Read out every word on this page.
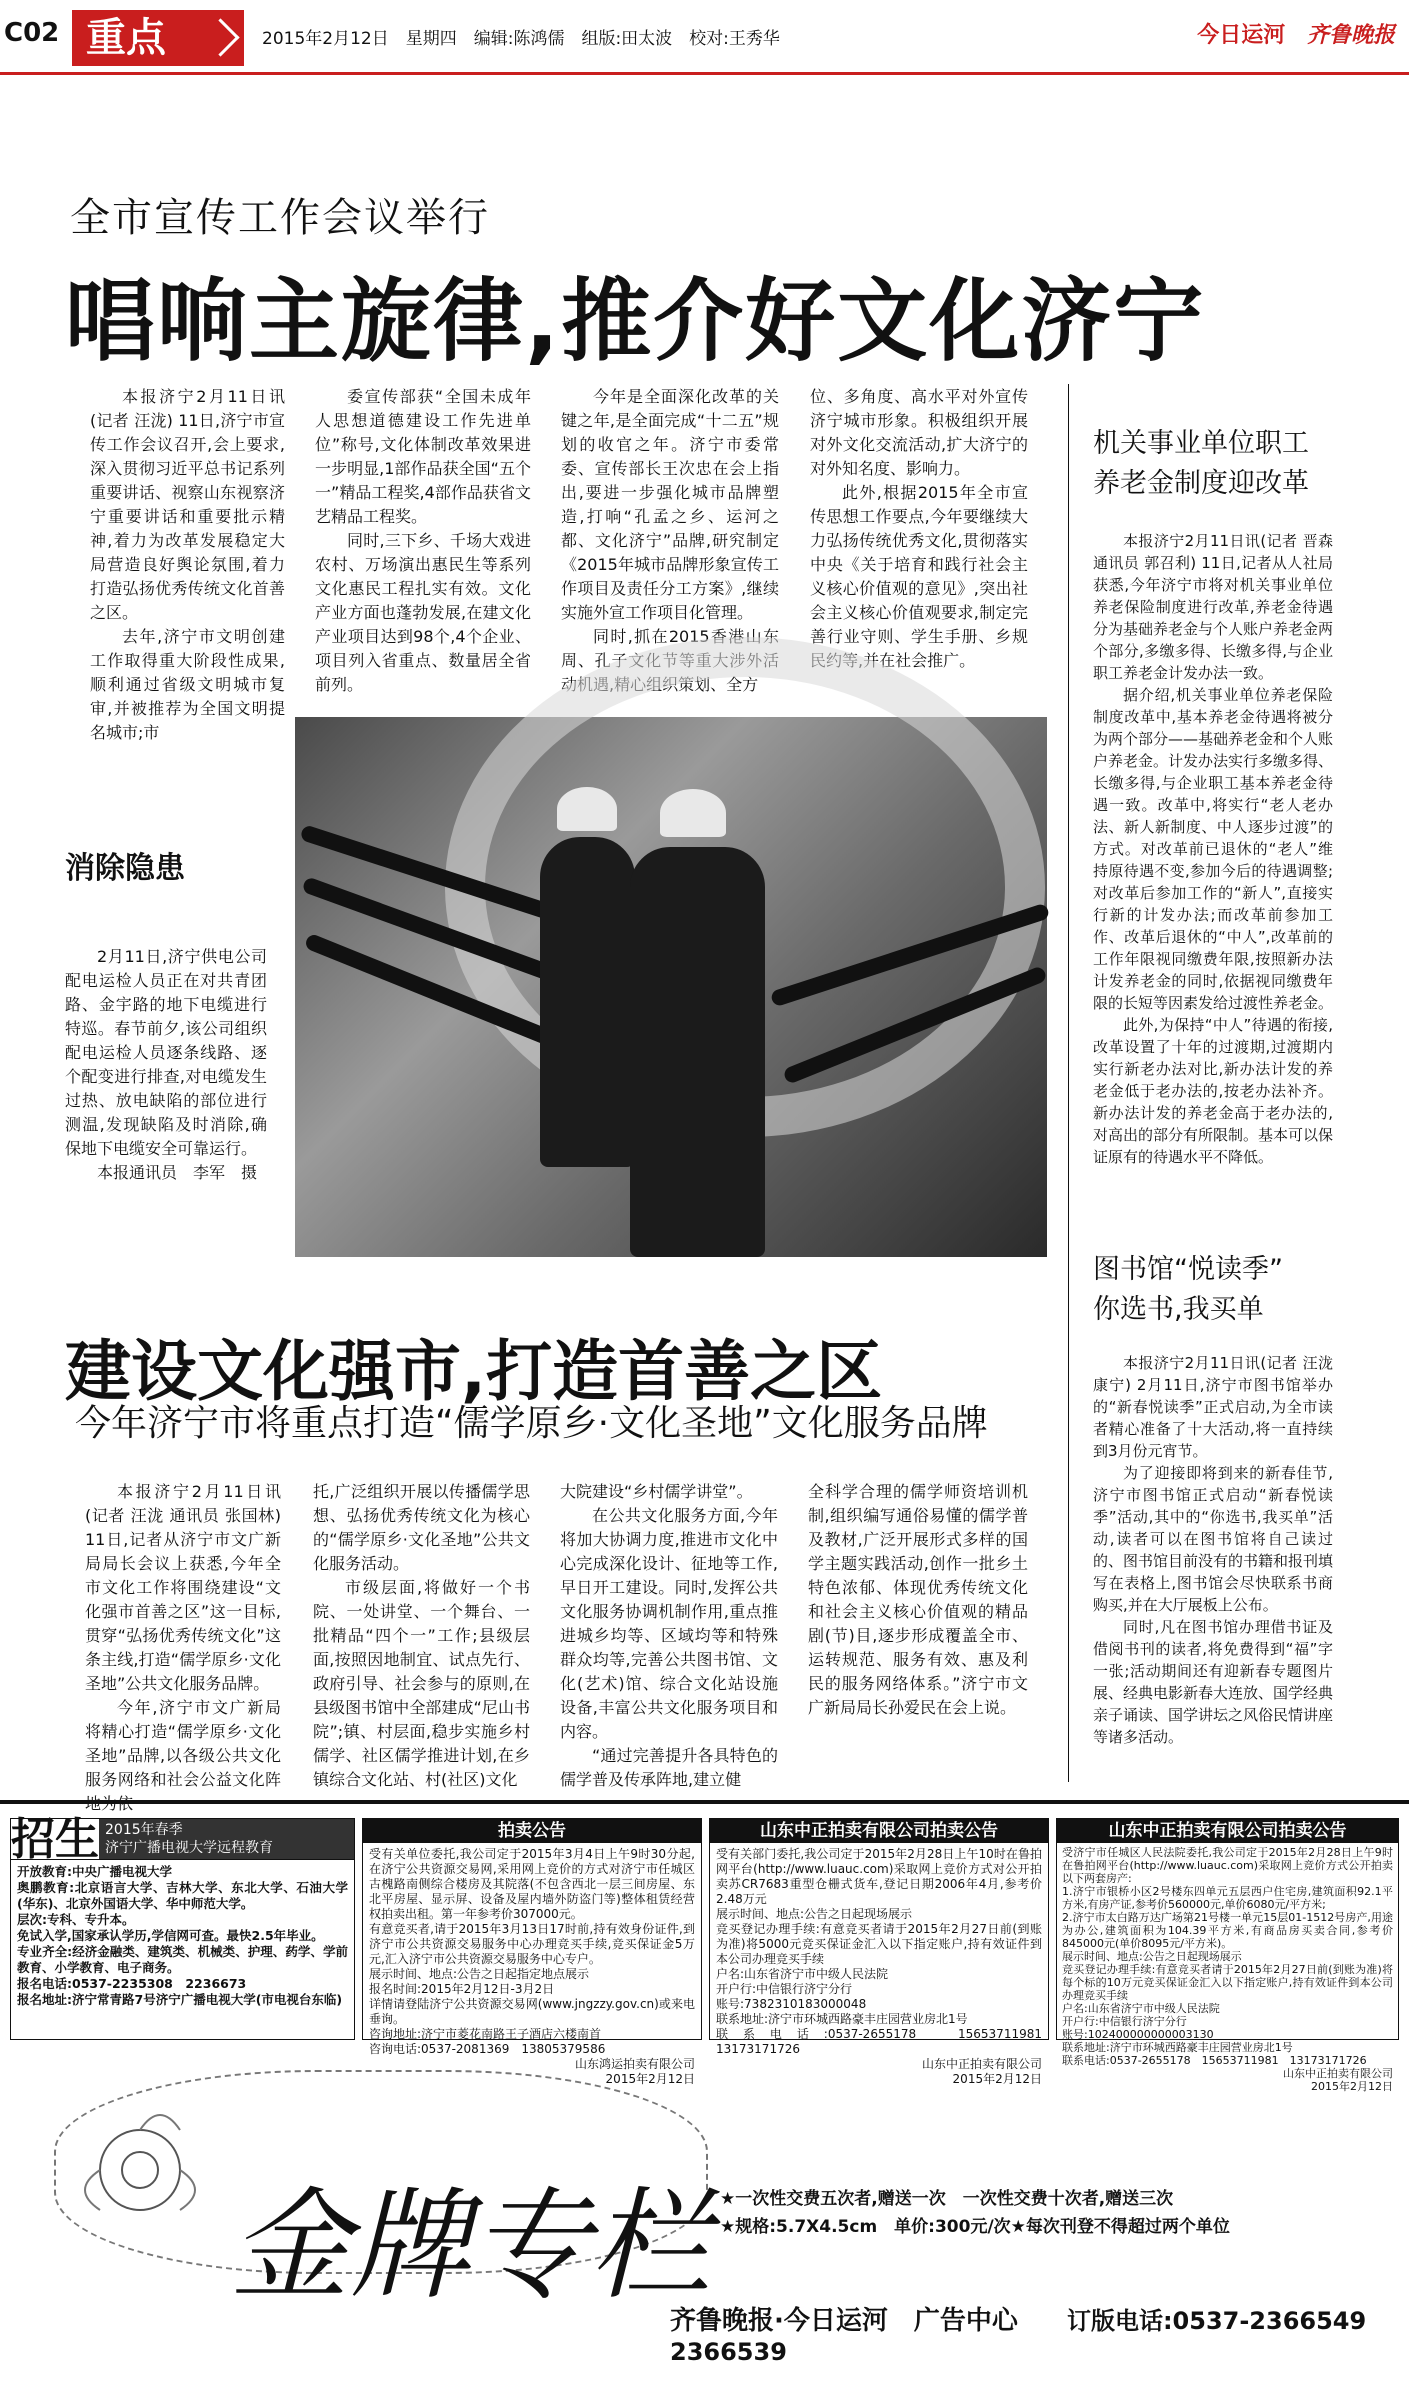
C02 重点	2015年2月12日　星期四　编辑:陈鸿儒　组版:田太波　校对:王秀华	今日运河 齐鲁晚报
全市宣传工作会议举行
唱响主旋律,推介好文化济宁

本报济宁2月11日讯(记者 汪泷) 11日,济宁市宣传工作会议召开,会上要求,深入贯彻习近平总书记系列重要讲话、视察山东视察济宁重要讲话和重要批示精神,着力为改革发展稳定大局营造良好舆论氛围,着力打造弘扬优秀传统文化首善之区。

去年,济宁市文明创建工作取得重大阶段性成果,顺利通过省级文明城市复审,并被推荐为全国文明提名城市;市

委宣传部获“全国未成年人思想道德建设工作先进单位”称号,文化体制改革效果进一步明显,1部作品获全国“五个一”精品工程奖,4部作品获省文艺精品工程奖。

同时,三下乡、千场大戏进农村、万场演出惠民生等系列文化惠民工程扎实有效。文化产业方面也蓬勃发展,在建文化产业项目达到98个,4个企业、项目列入省重点、数量居全省前列。

今年是全面深化改革的关键之年,是全面完成“十二五”规划的收官之年。济宁市委常委、宣传部长王次忠在会上指出,要进一步强化城市品牌塑造,打响“孔孟之乡、运河之都、文化济宁”品牌,研究制定《2015年城市品牌形象宣传工作项目及责任分工方案》,继续实施外宣工作项目化管理。

同时,抓在2015香港山东周、孔子文化节等重大涉外活动机遇,精心组织策划、全方

位、多角度、高水平对外宣传济宁城市形象。积极组织开展对外文化交流活动,扩大济宁的对外知名度、影响力。

此外,根据2015年全市宣传思想工作要点,今年要继续大力弘扬传统优秀文化,贯彻落实中央《关于培育和践行社会主义核心价值观的意见》,突出社会主义核心价值观要求,制定完善行业守则、学生手册、乡规民约等,并在社会推广。

消除隐患

2月11日,济宁供电公司配电运检人员正在对共青团路、金宇路的地下电缆进行特巡。春节前夕,该公司组织配电运检人员逐条线路、逐个配变进行排查,对电缆发生过热、放电缺陷的部位进行测温,发现缺陷及时消除,确保地下电缆安全可靠运行。

本报通讯员　李军　摄

机关事业单位职工
养老金制度迎改革

本报济宁2月11日讯(记者 晋森 通讯员 郭召利) 11日,记者从人社局获悉,今年济宁市将对机关事业单位养老保险制度进行改革,养老金待遇分为基础养老金与个人账户养老金两个部分,多缴多得、长缴多得,与企业职工养老金计发办法一致。

据介绍,机关事业单位养老保险制度改革中,基本养老金待遇将被分为两个部分——基础养老金和个人账户养老金。计发办法实行多缴多得、长缴多得,与企业职工基本养老金待遇一致。改革中,将实行“老人老办法、新人新制度、中人逐步过渡”的方式。对改革前已退休的“老人”维持原待遇不变,参加今后的待遇调整;对改革后参加工作的“新人”,直接实行新的计发办法;而改革前参加工作、改革后退休的“中人”,改革前的工作年限视同缴费年限,按照新办法计发养老金的同时,依据视同缴费年限的长短等因素发给过渡性养老金。

此外,为保持“中人”待遇的衔接,改革设置了十年的过渡期,过渡期内实行新老办法对比,新办法计发的养老金低于老办法的,按老办法补齐。新办法计发的养老金高于老办法的,对高出的部分有所限制。基本可以保证原有的待遇水平不降低。

图书馆“悦读季”
你选书,我买单

本报济宁2月11日讯(记者 汪泷 康宁) 2月11日,济宁市图书馆举办的“新春悦读季”正式启动,为全市读者精心准备了十大活动,将一直持续到3月份元宵节。

为了迎接即将到来的新春佳节,济宁市图书馆正式启动“新春悦读季”活动,其中的“你选书,我买单”活动,读者可以在图书馆将自己读过的、图书馆目前没有的书籍和报刊填写在表格上,图书馆会尽快联系书商购买,并在大厅展板上公布。

同时,凡在图书馆办理借书证及借阅书刊的读者,将免费得到“福”字一张;活动期间还有迎新春专题图片展、经典电影新春大连放、国学经典亲子诵读、国学讲坛之风俗民情讲座等诸多活动。

建设文化强市,打造首善之区
今年济宁市将重点打造“儒学原乡·文化圣地”文化服务品牌

本报济宁2月11日讯(记者 汪泷 通讯员 张国林) 11日,记者从济宁市文广新局局长会议上获悉,今年全市文化工作将围绕建设“文化强市首善之区”这一目标,贯穿“弘扬优秀传统文化”这条主线,打造“儒学原乡·文化圣地”公共文化服务品牌。

今年,济宁市文广新局将精心打造“儒学原乡·文化圣地”品牌,以各级公共文化服务网络和社会公益文化阵

托,广泛组织开展以传播儒学思想、弘扬优秀传统文化为核心的“儒学原乡·文化圣地”公共文化服务活动。

市级层面,将做好一个书院、一处讲堂、一个舞台、一批精品“四个一”工作;县级层面,按照因地制宜、试点先行、政府引导、社会参与的原则,在县级图书馆中全部建成“尼山书院”;镇、村层面,稳步实施乡村儒学、社区儒学推进计划,在乡镇综合文化站、村(社区)文化

大院建设“乡村儒学讲堂”。

在公共文化服务方面,今年将加大协调力度,推进市文化中心完成深化设计、征地等工作,早日开工建设。同时,发挥公共文化服务协调机制作用,重点推进城乡均等、区域均等和特殊群众均等,完善公共图书馆、文化(艺术)馆、综合文化站设施设备,丰富公共文化服务项目和内容。

“通过完善提升各具特色的儒学普及传承阵地,建立健

全科学合理的儒学师资培训机制,组织编写通俗易懂的儒学普及教材,广泛开展形式多样的国学主题实践活动,创作一批乡土特色浓郁、体现优秀传统文化和社会主义核心价值观的精品剧(节)目,逐步形成覆盖全市、运转规范、服务有效、惠及利民的服务网络体系。”济宁市文广新局局长孙爱民在会上说。

招生 2015年春季
济宁广播电视大学远程教育
开放教育:中央广播电视大学
奥鹏教育:北京语言大学、吉林大学、东北大学、石油大学(华东)、北京外国语大学、华中师范大学。
层次:专科、专升本。
免试入学,国家承认学历,学信网可查。最快2.5年毕业。
专业齐全:经济金融类、建筑类、机械类、护理、药学、学前教育、小学教育、电子商务。
报名电话:0537-2235308　2236673
报名地址:济宁常青路7号济宁广播电视大学(市电视台东临)
拍卖公告
受有关单位委托,我公司定于2015年3月4日上午9时30分起,在济宁公共资源交易网,采用网上竞价的方式对济宁市任城区古槐路南侧综合楼房及其院落(不包含西北一层三间房屋、东北平房屋、显示屏、设备及屋内墙外防盗门等)整体租赁经营权拍卖出租。第一年参考价307000元。
有意竞买者,请于2015年3月13日17时前,持有效身份证件,到济宁市公共资源交易服务中心办理竞买手续,竞买保证金5万元,汇入济宁市公共资源交易服务中心专户。
展示时间、地点:公告之日起指定地点展示
报名时间:2015年2月12日-3月2日
详情请登陆济宁公共资源交易网(www.jngzzy.gov.cn)或来电垂询。
咨询地址:济宁市菱花南路王子酒店六楼南首
咨询电话:0537-2081369　13805379586
山东鸿运拍卖有限公司
2015年2月12日
山东中正拍卖有限公司拍卖公告
受有关部门委托,我公司定于2015年2月28日上午10时在鲁拍网平台(http://www.luauc.com)采取网上竞价方式对公开拍卖苏CR7683重型仓栅式货车,登记日期2006年4月,参考价2.48万元
展示时间、地点:公告之日起现场展示
竞买登记办理手续:有意竞买者请于2015年2月27日前(到账为准)将5000元竞买保证金汇入以下指定账户,持有效证件到本公司办理竞买手续
户名:山东省济宁市中级人民法院
开户行:中信银行济宁分行
账号:7382310183000048
联系地址:济宁市环城西路豪丰庄园营业房北1号
联系电话:0537-2655178　15653711981　13173171726
山东中正拍卖有限公司
2015年2月12日
山东中正拍卖有限公司拍卖公告
受济宁市任城区人民法院委托,我公司定于2015年2月28日上午9时在鲁拍网平台(http://www.luauc.com)采取网上竞价方式公开拍卖以下两套房产:
1.济宁市银桥小区2号楼东四单元五层西户住宅房,建筑面积92.1平方米,有房产证,参考价560000元,单价6080元/平方米;
2.济宁市太白路万达广场第21号楼一单元15层01-1512号房产,用途为办公,建筑面积为104.39平方米,有商品房买卖合同,参考价845000元(单价8095元/平方米)。
展示时间、地点:公告之日起现场展示
竞买登记办理手续:有意竞买者请于2015年2月27日前(到账为准)将每个标的10万元竞买保证金汇入以下指定账户,持有效证件到本公司办理竞买手续
户名:山东省济宁市中级人民法院
开户行:中信银行济宁分行
账号:102400000000003130
联系地址:济宁市环城西路豪丰庄园营业房北1号
联系电话:0537-2655178　15653711981　13173171726
山东中正拍卖有限公司
2015年2月12日
金牌专栏 ★一次性交费五次者,赠送一次　一次性交费十次者,赠送三次
★规格:5.7X4.5cm　单价:300元/次★每次刊登不得超过两个单位
齐鲁晚报·今日运河　广告中心 订版电话:0537-2366549　2366539
